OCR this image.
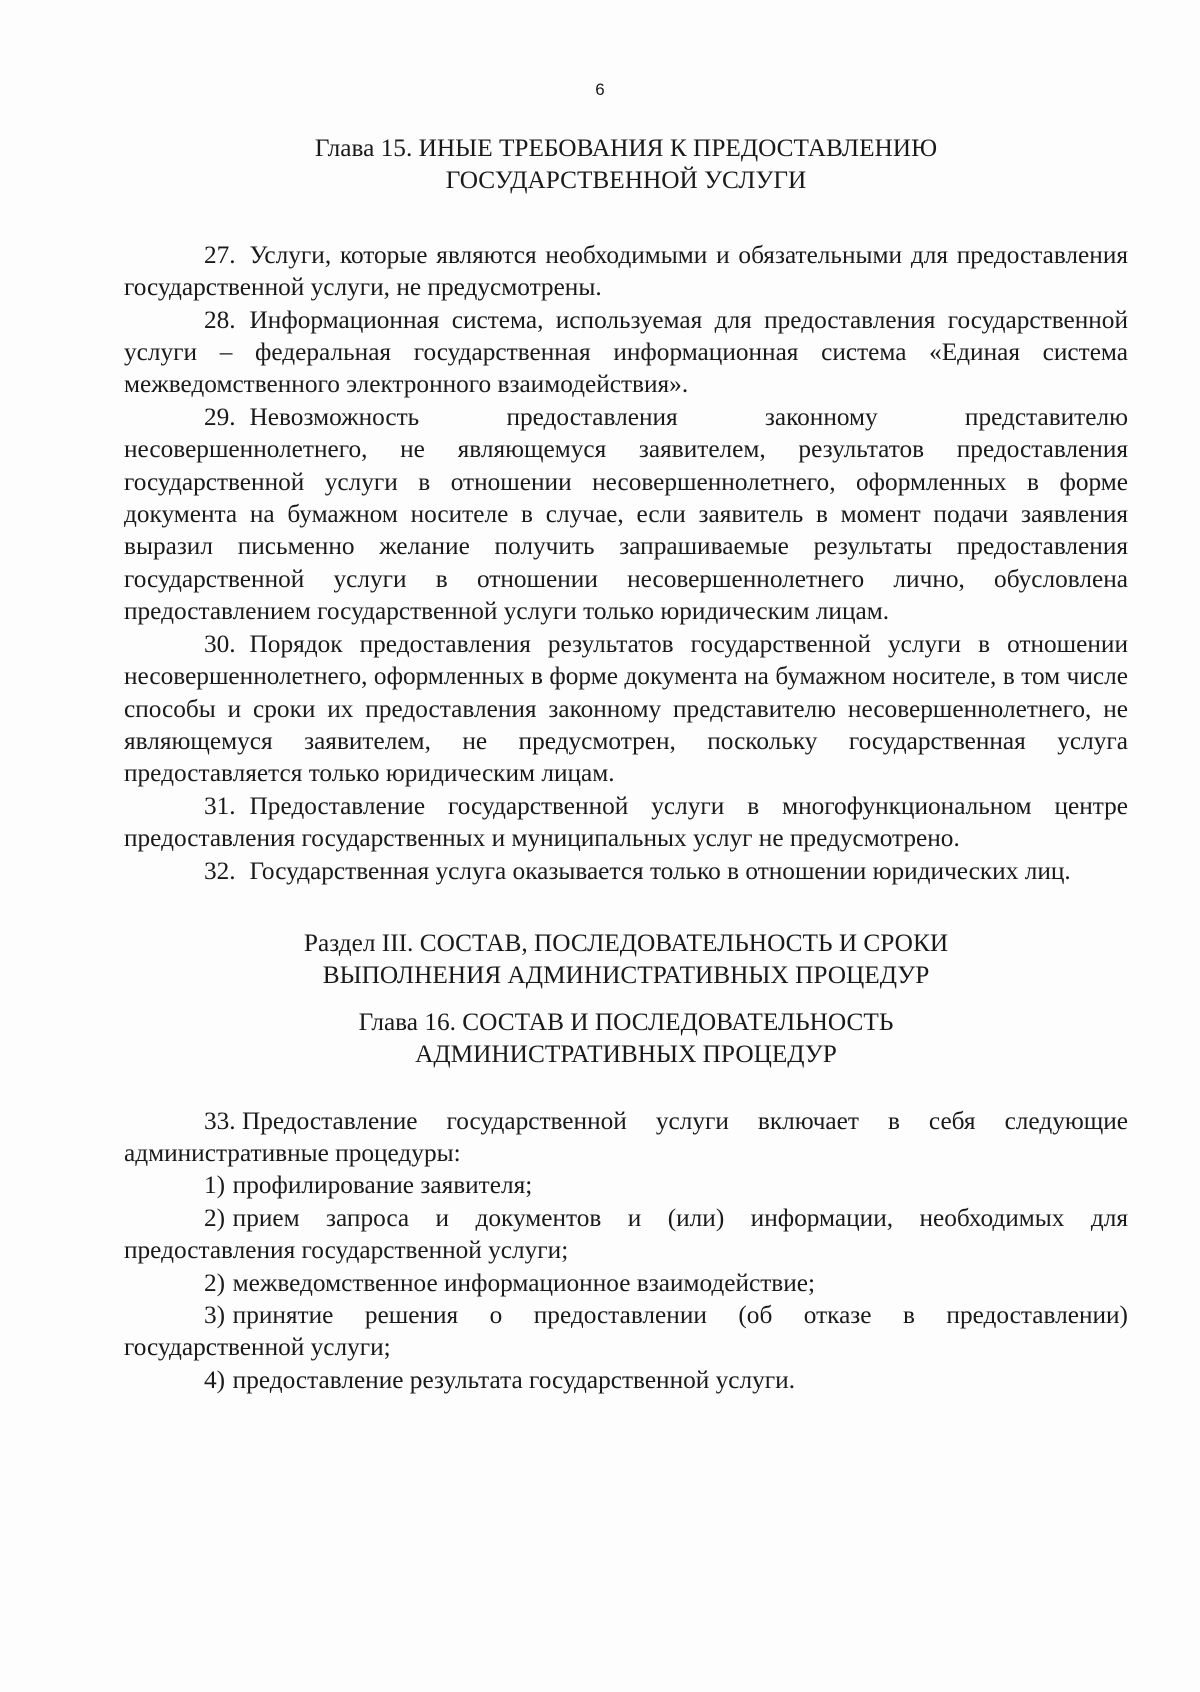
6
Глава 15. ИНЫЕ ТРЕБОВАНИЯ К ПРЕДОСТАВЛЕНИЮ
ГОСУДАРСТВЕННОЙ УСЛУГИ

27. Услуги, которые являются необходимыми и обязательными для предоставления государственной услуги, не предусмотрены.

28. Информационная система, используемая для предоставления государственной услуги – федеральная государственная информационная система «Единая система межведомственного электронного взаимодействия».

29. Невозможность предоставления законному представителю несовершеннолетнего, не являющемуся заявителем, результатов предоставления государственной услуги в отношении несовершеннолетнего, оформленных в форме документа на бумажном носителе в случае, если заявитель в момент подачи заявления выразил письменно желание получить запрашиваемые результаты предоставления государственной услуги в отношении несовершеннолетнего лично, обусловлена предоставлением государственной услуги только юридическим лицам.

30. Порядок предоставления результатов государственной услуги в отношении несовершеннолетнего, оформленных в форме документа на бумажном носителе, в том числе способы и сроки их предоставления законному представителю несовершеннолетнего, не являющемуся заявителем, не предусмотрен, поскольку государственная услуга предоставляется только юридическим лицам.

31. Предоставление государственной услуги в многофункциональном центре предоставления государственных и муниципальных услуг не предусмотрено.

32. Государственная услуга оказывается только в отношении юридических лиц.

Раздел III. СОСТАВ, ПОСЛЕДОВАТЕЛЬНОСТЬ И СРОКИ
ВЫПОЛНЕНИЯ АДМИНИСТРАТИВНЫХ ПРОЦЕДУР
Глава 16. СОСТАВ И ПОСЛЕДОВАТЕЛЬНОСТЬ
АДМИНИСТРАТИВНЫХ ПРОЦЕДУР

33. Предоставление государственной услуги включает в себя следующие административные процедуры:

1) профилирование заявителя;

2) прием запроса и документов и (или) информации, необходимых для предоставления государственной услуги;

2) межведомственное информационное взаимодействие;

3) принятие решения о предоставлении (об отказе в предоставлении) государственной услуги;

4) предоставление результата государственной услуги.
